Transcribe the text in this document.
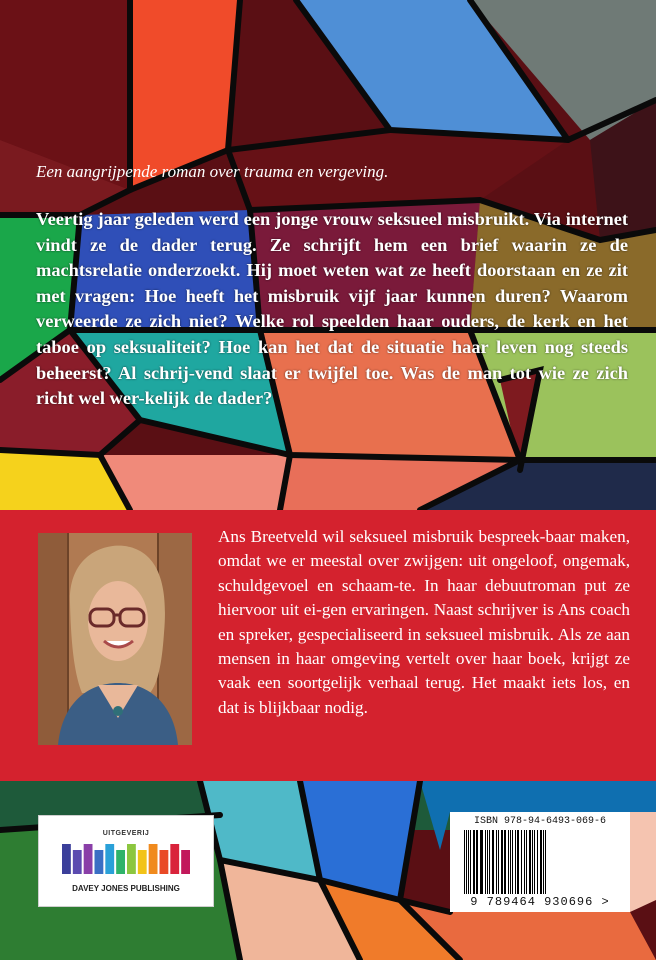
Een aangrijpende roman over trauma en vergeving.

Veertig jaar geleden werd een jonge vrouw seksueel misbruikt. Via internet vindt ze de dader terug. Ze schrijft hem een brief waarin ze de machtsrelatie onderzoekt. Hij moet weten wat ze heeft doorstaan en ze zit met vragen: Hoe heeft het misbruik vijf jaar kunnen duren? Waarom verweerde ze zich niet? Welke rol speelden haar ouders, de kerk en het taboe op seksualiteit? Hoe kan het dat de situatie haar leven nog steeds beheerst? Al schrij-vend slaat er twijfel toe. Was de man tot wie ze zich richt wel wer-kelijk de dader?

Ans Breetveld wil seksueel misbruik bespreek-baar maken, omdat we er meestal over zwijgen: uit ongeloof, ongemak, schuldgevoel en schaam-te. In haar debuutroman put ze hiervoor uit ei-gen ervaringen. Naast schrijver is Ans coach en spreker, gespecialiseerd in seksueel misbruik. Als ze aan mensen in haar omgeving vertelt over haar boek, krijgt ze vaak een soortgelijk verhaal terug. Het maakt iets los, en dat is blijkbaar nodig.

UITGEVERIJ
DAVEY JONES PUBLISHING
ISBN 978-94-6493-069-6
9 789464 930696 >
